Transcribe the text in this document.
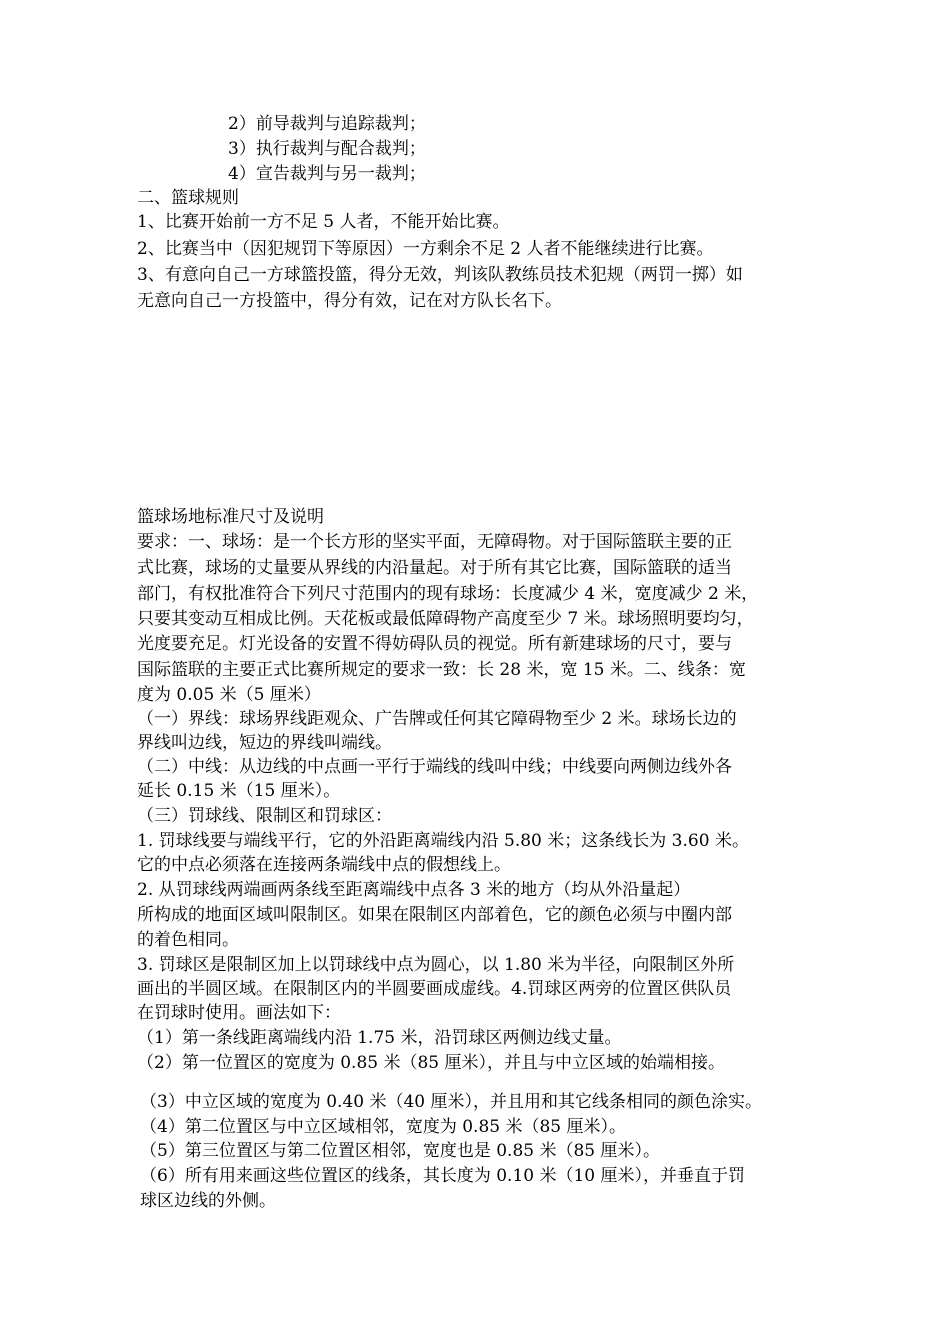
2）前导裁判与追踪裁判；
3）执行裁判与配合裁判；
4）宣告裁判与另一裁判；
二、篮球规则
1、比赛开始前一方不足 5 人者，不能开始比赛。
2、比赛当中（因犯规罚下等原因）一方剩余不足 2 人者不能继续进行比赛。
3、有意向自己一方球篮投篮，得分无效，判该队教练员技术犯规（两罚一掷）如
无意向自己一方投篮中，得分有效，记在对方队长名下。
篮球场地标准尺寸及说明
要求：一、球场：是一个长方形的坚实平面，无障碍物。对于国际篮联主要的正
式比赛，球场的丈量要从界线的内沿量起。对于所有其它比赛，国际篮联的适当
部门，有权批准符合下列尺寸范围内的现有球场：长度减少 4 米，宽度减少 2 米，
只要其变动互相成比例。天花板或最低障碍物产高度至少 7 米。球场照明要均匀，
光度要充足。灯光设备的安置不得妨碍队员的视觉。所有新建球场的尺寸，要与
国际篮联的主要正式比赛所规定的要求一致：长 28 米，宽 15 米。二、线条：宽
度为 0.05 米（5 厘米）
（一）界线：球场界线距观众、广告牌或任何其它障碍物至少 2 米。球场长边的
界线叫边线，短边的界线叫端线。
（二）中线：从边线的中点画一平行于端线的线叫中线；中线要向两侧边线外各
延长 0.15 米（15 厘米）。
（三）罚球线、限制区和罚球区：
1. 罚球线要与端线平行，它的外沿距离端线内沿 5.80 米；这条线长为 3.60 米。
它的中点必须落在连接两条端线中点的假想线上。
2. 从罚球线两端画两条线至距离端线中点各 3 米的地方（均从外沿量起）
所构成的地面区域叫限制区。如果在限制区内部着色，它的颜色必须与中圈内部
的着色相同。
3. 罚球区是限制区加上以罚球线中点为圆心，以 1.80 米为半径，向限制区外所
画出的半圆区域。在限制区内的半圆要画成虚线。4.罚球区两旁的位置区供队员
在罚球时使用。画法如下：
（1）第一条线距离端线内沿 1.75 米，沿罚球区两侧边线丈量。
（2）第一位置区的宽度为 0.85 米（85 厘米），并且与中立区域的始端相接。
（3）中立区域的宽度为 0.40 米（40 厘米），并且用和其它线条相同的颜色涂实。
（4）第二位置区与中立区域相邻，宽度为 0.85 米（85 厘米）。
（5）第三位置区与第二位置区相邻，宽度也是 0.85 米（85 厘米）。
（6）所有用来画这些位置区的线条，其长度为 0.10 米（10 厘米），并垂直于罚
球区边线的外侧。
